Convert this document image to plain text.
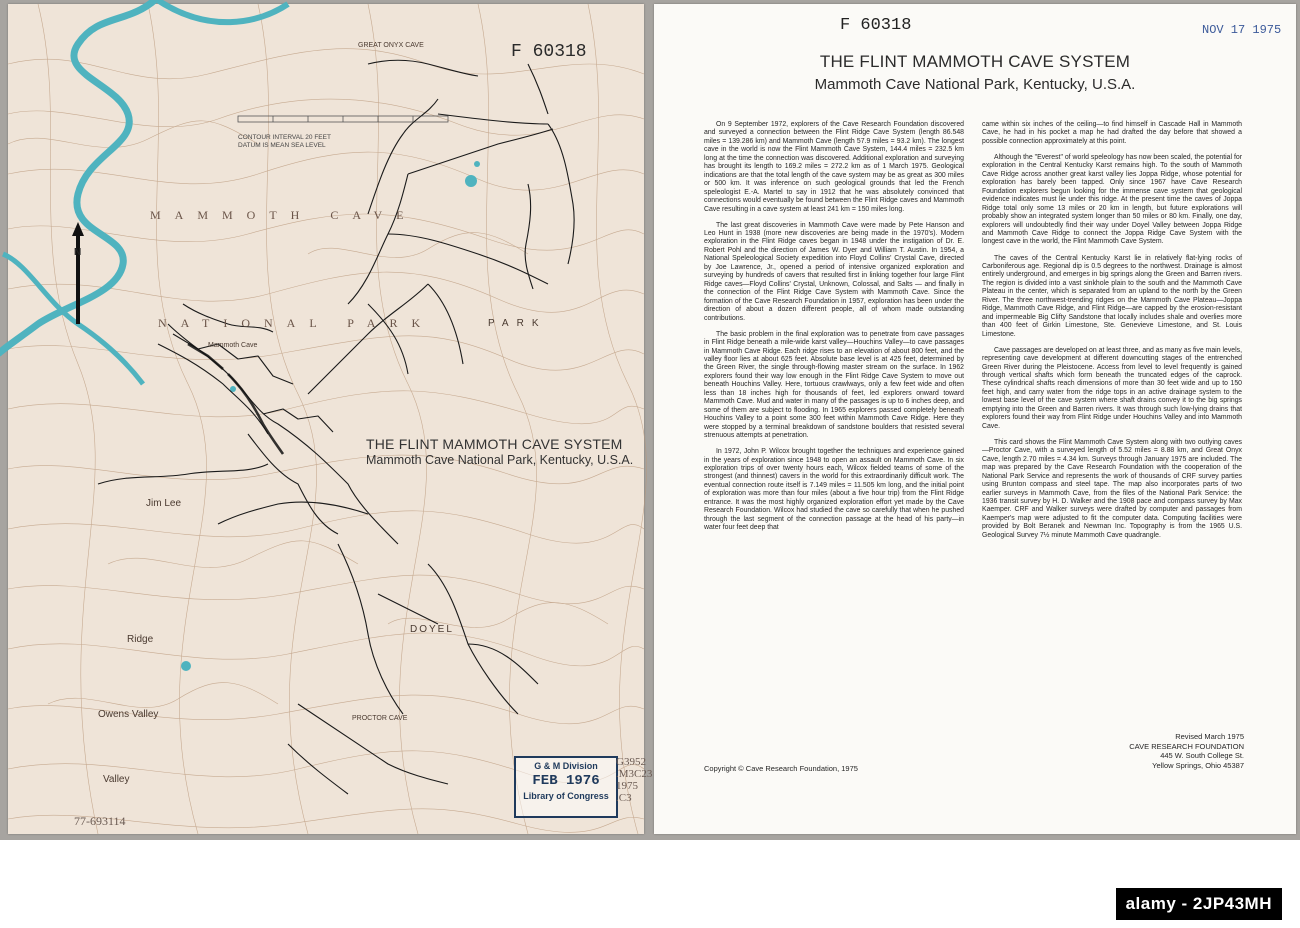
F 60318
CONTOUR INTERVAL 20 FEET
DATUM IS MEAN SEA LEVEL
N
MAMMOTH CAVE
NATIONAL PARK
GREAT ONYX CAVE
PROCTOR CAVE
Mammoth Cave
Ridge
Jim Lee
Owens Valley
DOYEL
Valley
PARK
THE FLINT MAMMOTH CAVE SYSTEM
Mammoth Cave National Park, Kentucky, U.S.A.
G & M Division
FEB 1976
Library of Congress
G3952
.M3C23
1975
.C3
77-693114
F 60318	NOV 17 1975
THE FLINT MAMMOTH CAVE SYSTEM
Mammoth Cave National Park, Kentucky, U.S.A.

On 9 September 1972, explorers of the Cave Research Foundation discovered and surveyed a connection between the Flint Ridge Cave System (length 86.548 miles = 139.286 km) and Mammoth Cave (length 57.9 miles = 93.2 km). The longest cave in the world is now the Flint Mammoth Cave System, 144.4 miles = 232.5 km long at the time the connection was discovered. Additional exploration and surveying has brought its length to 169.2 miles = 272.2 km as of 1 March 1975. Geological indications are that the total length of the cave system may be as great as 300 miles or 500 km. It was inference on such geological grounds that led the French speleologist E.-A. Martel to say in 1912 that he was absolutely convinced that connections would eventually be found between the Flint Ridge caves and Mammoth Cave resulting in a cave system at least 241 km = 150 miles long.

The last great discoveries in Mammoth Cave were made by Pete Hanson and Leo Hunt in 1938 (more new discoveries are being made in the 1970's). Modern exploration in the Flint Ridge caves began in 1948 under the instigation of Dr. E. Robert Pohl and the direction of James W. Dyer and William T. Austin. In 1954, a National Speleological Society expedition into Floyd Collins' Crystal Cave, directed by Joe Lawrence, Jr., opened a period of intensive organized exploration and surveying by hundreds of cavers that resulted first in linking together four large Flint Ridge caves—Floyd Collins' Crystal, Unknown, Colossal, and Salts — and finally in the connection of the Flint Ridge Cave System with Mammoth Cave. Since the formation of the Cave Research Foundation in 1957, exploration has been under the direction of about a dozen different people, all of whom made outstanding contributions.

The basic problem in the final exploration was to penetrate from cave passages in Flint Ridge beneath a mile-wide karst valley—Houchins Valley—to cave passages in Mammoth Cave Ridge. Each ridge rises to an elevation of about 800 feet, and the valley floor lies at about 625 feet. Absolute base level is at 425 feet, determined by the Green River, the single through-flowing master stream on the surface. In 1962 explorers found their way low enough in the Flint Ridge Cave System to move out beneath Houchins Valley. Here, tortuous crawlways, only a few feet wide and often less than 18 inches high for thousands of feet, led explorers onward toward Mammoth Cave. Mud and water in many of the passages is up to 6 inches deep, and some of them are subject to flooding. In 1965 explorers passed completely beneath Houchins Valley to a point some 300 feet within Mammoth Cave Ridge. Here they were stopped by a terminal breakdown of sandstone boulders that resisted several strenuous attempts at penetration.

In 1972, John P. Wilcox brought together the techniques and experience gained in the years of exploration since 1948 to open an assault on Mammoth Cave. In six exploration trips of over twenty hours each, Wilcox fielded teams of some of the strongest (and thinnest) cavers in the world for this extraordinarily difficult work. The eventual connection route itself is 7.149 miles = 11.505 km long, and the initial point of exploration was more than four miles (about a five hour trip) from the Flint Ridge entrance. It was the most highly organized exploration effort yet made by the Cave Research Foundation. Wilcox had studied the cave so carefully that when he pushed through the last segment of the connection passage at the head of his party—in water four feet deep that

came within six inches of the ceiling—to find himself in Cascade Hall in Mammoth Cave, he had in his pocket a map he had drafted the day before that showed a possible connection approximately at this point.

Although the "Everest" of world speleology has now been scaled, the potential for exploration in the Central Kentucky Karst remains high. To the south of Mammoth Cave Ridge across another great karst valley lies Joppa Ridge, whose potential for exploration has barely been tapped. Only since 1967 have Cave Research Foundation explorers begun looking for the immense cave system that geological evidence indicates must lie under this ridge. At the present time the caves of Joppa Ridge total only some 13 miles or 20 km in length, but future explorations will probably show an integrated system longer than 50 miles or 80 km. Finally, one day, explorers will undoubtedly find their way under Doyel Valley between Joppa Ridge and Mammoth Cave Ridge to connect the Joppa Ridge Cave System with the longest cave in the world, the Flint Mammoth Cave System.

The caves of the Central Kentucky Karst lie in relatively flat-lying rocks of Carboniferous age. Regional dip is 0.5 degrees to the northwest. Drainage is almost entirely underground, and emerges in big springs along the Green and Barren rivers. The region is divided into a vast sinkhole plain to the south and the Mammoth Cave Plateau in the center, which is separated from an upland to the north by the Green River. The three northwest-trending ridges on the Mammoth Cave Plateau—Joppa Ridge, Mammoth Cave Ridge, and Flint Ridge—are capped by the erosion-resistant and impermeable Big Clifty Sandstone that locally includes shale and overlies more than 400 feet of Girkin Limestone, Ste. Genevieve Limestone, and St. Louis Limestone.

Cave passages are developed on at least three, and as many as five main levels, representing cave development at different downcutting stages of the entrenched Green River during the Pleistocene. Access from level to level frequently is gained through vertical shafts which form beneath the truncated edges of the caprock. These cylindrical shafts reach dimensions of more than 30 feet wide and up to 150 feet high, and carry water from the ridge tops in an active drainage system to the lowest base level of the cave system where shaft drains convey it to the big springs emptying into the Green and Barren rivers. It was through such low-lying drains that explorers found their way from Flint Ridge under Houchins Valley and into Mammoth Cave.

This card shows the Flint Mammoth Cave System along with two outlying caves—Proctor Cave, with a surveyed length of 5.52 miles = 8.88 km, and Great Onyx Cave, length 2.70 miles = 4.34 km. Surveys through January 1975 are included. The map was prepared by the Cave Research Foundation with the cooperation of the National Park Service and represents the work of thousands of CRF survey parties using Brunton compass and steel tape. The map also incorporates parts of two earlier surveys in Mammoth Cave, from the files of the National Park Service: the 1936 transit survey by H. D. Walker and the 1908 pace and compass survey by Max Kaemper. CRF and Walker surveys were drafted by computer and passages from Kaemper's map were adjusted to fit the computer data. Computing facilities were provided by Bolt Beranek and Newman Inc. Topography is from the 1965 U.S. Geological Survey 7½ minute Mammoth Cave quadrangle.

Revised March 1975
CAVE RESEARCH FOUNDATION
445 W. South College St.
Yellow Springs, Ohio 45387
Copyright © Cave Research Foundation, 1975
alamy - 2JP43MH
